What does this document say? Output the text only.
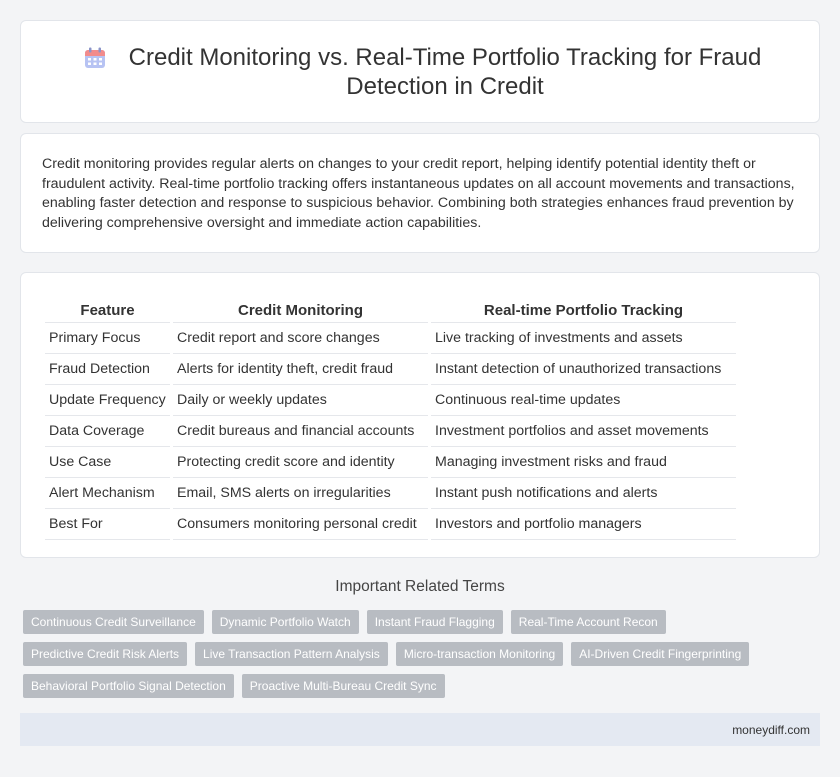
Credit Monitoring vs. Real-Time Portfolio Tracking for Fraud Detection in Credit

Credit monitoring provides regular alerts on changes to your credit report, helping identify potential identity theft or fraudulent activity. Real-time portfolio tracking offers instantaneous updates on all account movements and transactions, enabling faster detection and response to suspicious behavior. Combining both strategies enhances fraud prevention by delivering comprehensive oversight and immediate action capabilities.

Feature	Credit Monitoring	Real-time Portfolio Tracking
Primary Focus	Credit report and score changes	Live tracking of investments and assets
Fraud Detection	Alerts for identity theft, credit fraud	Instant detection of unauthorized transactions
Update Frequency	Daily or weekly updates	Continuous real-time updates
Data Coverage	Credit bureaus and financial accounts	Investment portfolios and asset movements
Use Case	Protecting credit score and identity	Managing investment risks and fraud
Alert Mechanism	Email, SMS alerts on irregularities	Instant push notifications and alerts
Best For	Consumers monitoring personal credit	Investors and portfolio managers
Important Related Terms
Continuous Credit Surveillance	Dynamic Portfolio Watch	Instant Fraud Flagging	Real-Time Account Recon
Predictive Credit Risk Alerts	Live Transaction Pattern Analysis	Micro-transaction Monitoring	AI-Driven Credit Fingerprinting
Behavioral Portfolio Signal Detection	Proactive Multi-Bureau Credit Sync
moneydiff.com
